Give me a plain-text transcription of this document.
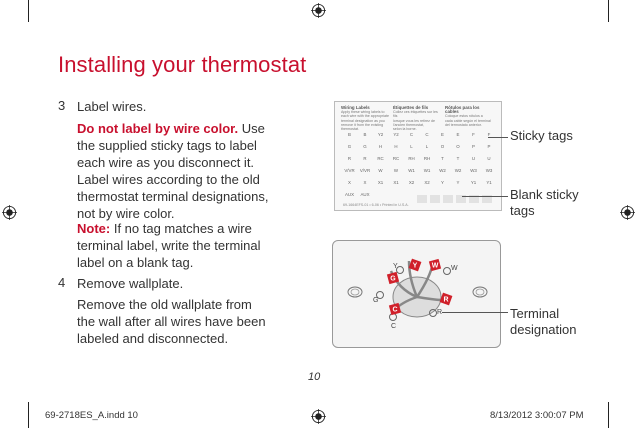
Installing your thermostat
3 Label wires.
Do not label by wire color. Use
the supplied sticky tags to label
each wire as you disconnect it.
Label wires according to the old
thermostat terminal designations,
not by wire color.
Note: If no tag matches a wire
terminal label, write the terminal
label on a blank tag.
4 Remove wallplate.
Remove the old wallplate from
the wall after all wires have been
labeled and disconnected.
Wiring Labels
Apply these wiring labels to
each wire with the appropriate
terminal designation as you
remove it from the existing
thermostat.
Étiquettes de fils
Collez ces étiquettes sur les fils
lorsque vous les retirez de
l'ancien thermostat,
selon la borne.
Rótulos para los cables
Coloque estos rótulos a
cada cable según el terminal
del termostato anterior.
B	B	Y2	Y2	C	C	E	E	F	F
G	G	H	H	L	L	O	O	P	P
R	R	RC	RC	RH	RH	T	T	U	U
V/VR	V/VR	W	W	W1	W1	W2	W2	W3	W3
X	X	X1	X1	X2	X2	Y	Y	Y1	Y1
AUX	AUX
69-1664EFS-01 • 6-06 • Printed in U.S.A.
Sticky tags
Blank sticky
tags
G
Y W
R
C
Y	W
G
C
R	Terminal
designation
10
69-2718ES_A.indd 10	8/13/2012 3:00:07 PM
